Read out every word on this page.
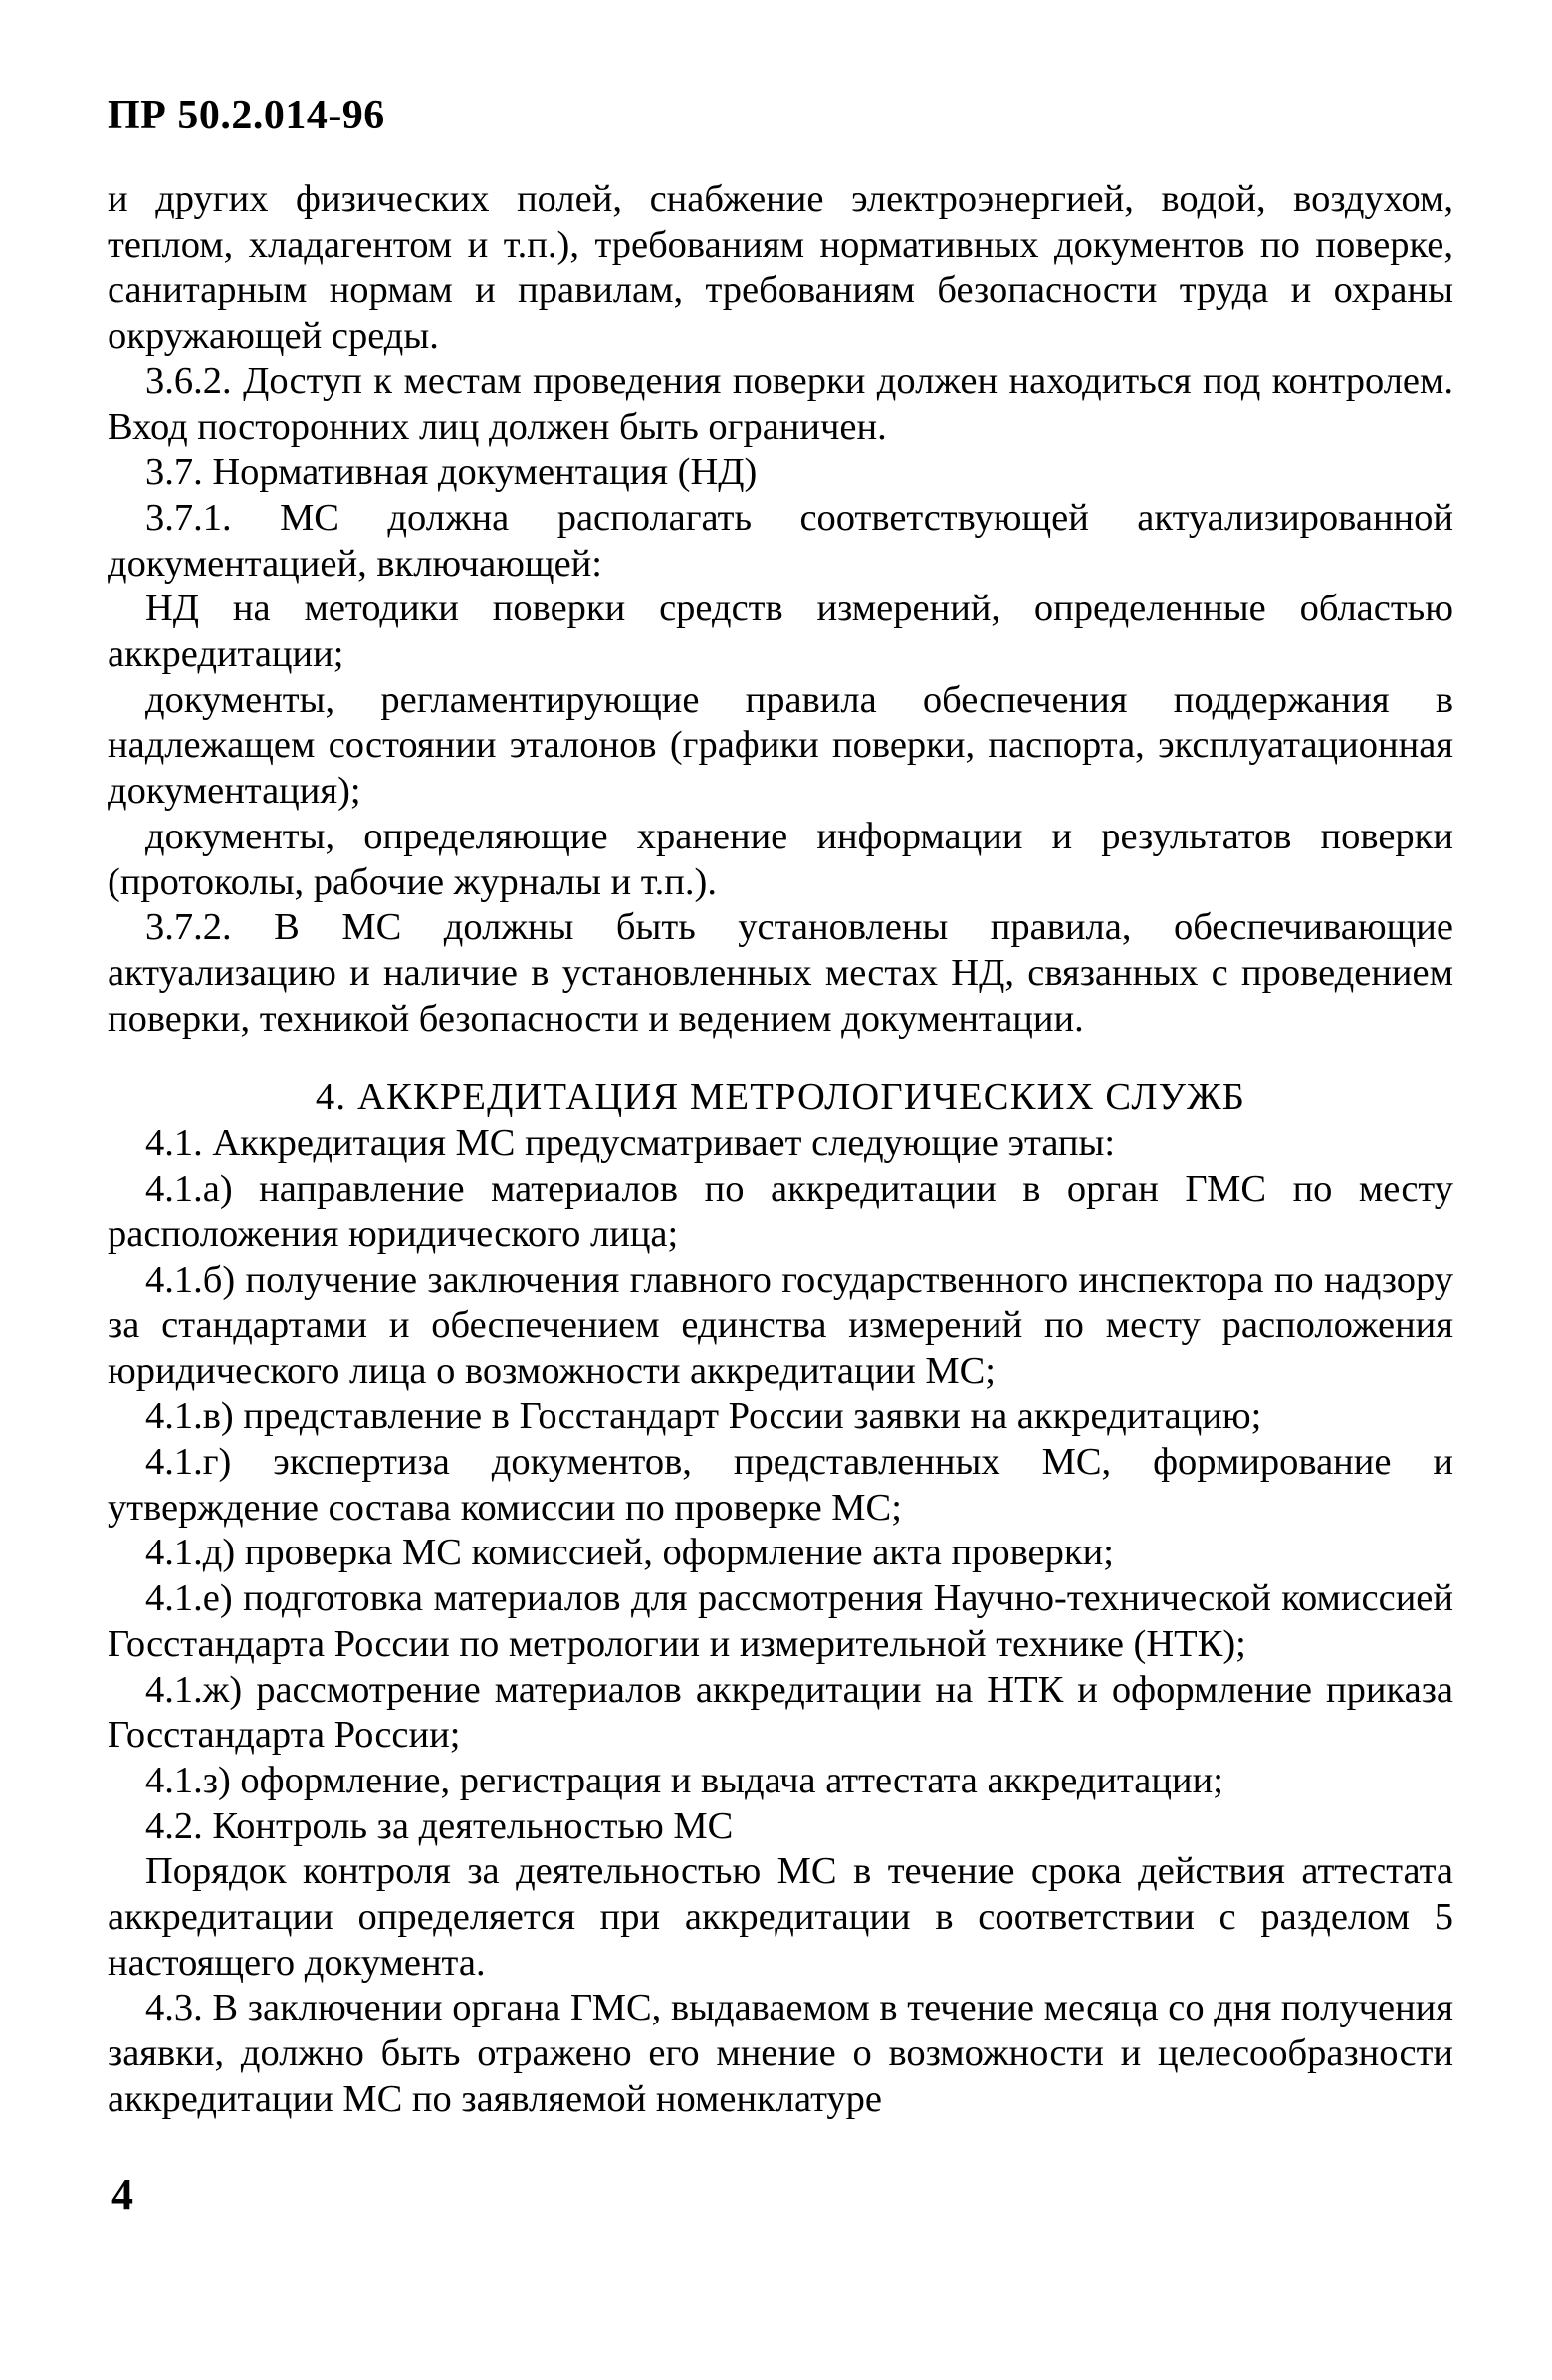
ПР 50.2.014-96

и других физических полей, снабжение электроэнергией, водой, воздухом, теплом, хладагентом и т.п.), требованиям нормативных документов по поверке, санитарным нормам и правилам, требованиям безопасности труда и охраны окружающей среды.

3.6.2. Доступ к местам проведения поверки должен находиться под контролем. Вход посторонних лиц должен быть ограничен.

3.7. Нормативная документация (НД)

3.7.1. МС должна располагать соответствующей актуализированной документацией, включающей:

НД на методики поверки средств измерений, определенные областью аккредитации;

документы, регламентирующие правила обеспечения поддержания в надлежащем состоянии эталонов (графики поверки, паспорта, эксплуатационная документация);

документы, определяющие хранение информации и результатов поверки (протоколы, рабочие журналы и т.п.).

3.7.2. В МС должны быть установлены правила, обеспечивающие актуализацию и наличие в установленных местах НД, связанных с проведением поверки, техникой безопасности и ведением документации.

4. АККРЕДИТАЦИЯ МЕТРОЛОГИЧЕСКИХ СЛУЖБ

4.1. Аккредитация МС предусматривает следующие этапы:

4.1.а) направление материалов по аккредитации в орган ГМС по месту расположения юридического лица;

4.1.б) получение заключения главного государственного инспектора по надзору за стандартами и обеспечением единства измерений по месту расположения юридического лица о возможности аккредитации МС;

4.1.в) представление в Госстандарт России заявки на аккредитацию;

4.1.г) экспертиза документов, представленных МС, формирование и утверждение состава комиссии по проверке МС;

4.1.д) проверка МС комиссией, оформление акта проверки;

4.1.е) подготовка материалов для рассмотрения Научно-технической комиссией Госстандарта России по метрологии и измерительной технике (НТК);

4.1.ж) рассмотрение материалов аккредитации на НТК и оформление приказа Госстандарта России;

4.1.з) оформление, регистрация и выдача аттестата аккредитации;

4.2. Контроль за деятельностью МС

Порядок контроля за деятельностью МС в течение срока действия аттестата аккредитации определяется при аккредитации в соответствии с разделом 5 настоящего документа.

4.3. В заключении органа ГМС, выдаваемом в течение месяца со дня получения заявки, должно быть отражено его мнение о возможности и целесообразности аккредитации МС по заявляемой номенклатуре

4
